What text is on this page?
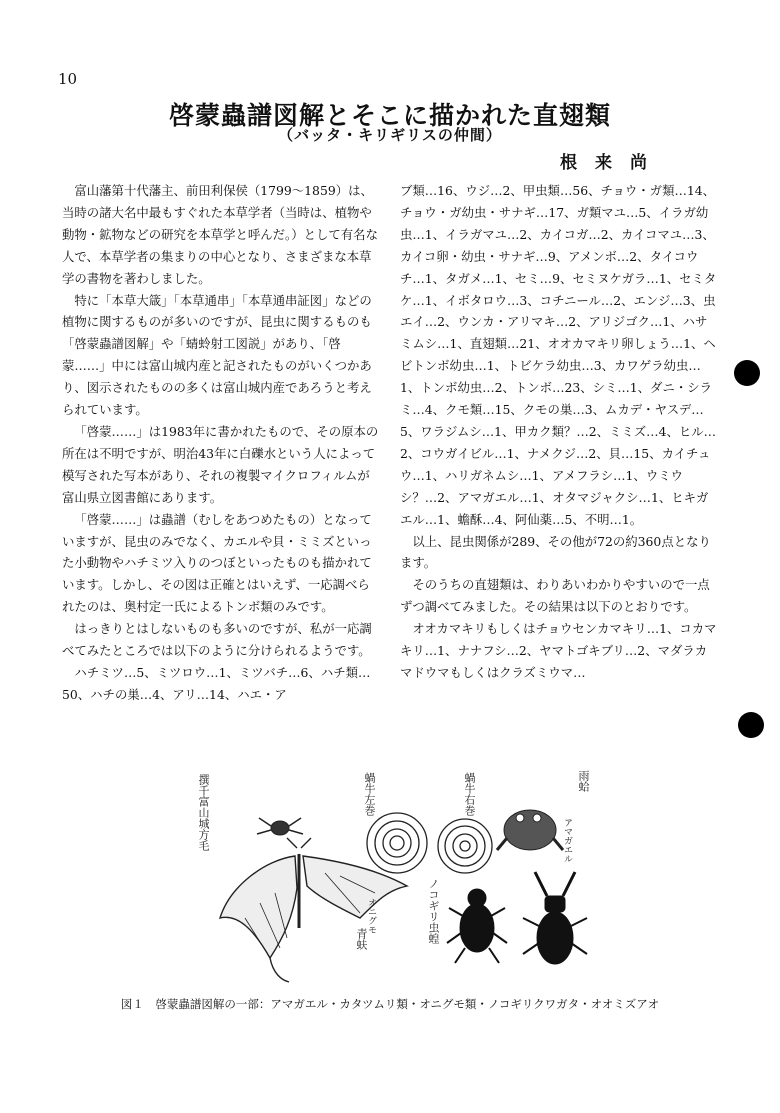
10
啓蒙蟲譜図解とそこに描かれた直翅類
（バッタ・キリギリスの仲間）
根来尚

富山藩第十代藩主、前田利保侯（1799～1859）は、当時の諸大名中最もすぐれた本草学者（当時は、植物や動物・鉱物などの研究を本草学と呼んだ。）として有名な人で、本草学者の集まりの中心となり、さまざまな本草学の書物を著わしました。

特に「本草大箴」「本草通串」「本草通串証図」などの植物に関するものが多いのですが、昆虫に関するものも「啓蒙蟲譜図解」や「蜻蛉射工図説」があり、「啓蒙……」中には富山城内産と記されたものがいくつかあり、図示されたものの多くは富山城内産であろうと考えられています。

「啓蒙……」は1983年に書かれたもので、その原本の所在は不明ですが、明治43年に白礫水という人によって模写された写本があり、それの複製マイクロフィルムが富山県立図書館にあります。

「啓蒙……」は蟲譜（むしをあつめたもの）となっていますが、昆虫のみでなく、カエルや貝・ミミズといった小動物やハチミツ入りのつぼといったものも描かれています。しかし、その図は正確とはいえず、一応調べられたのは、奥村定一氏によるトンボ類のみです。

はっきりとはしないものも多いのですが、私が一応調べてみたところでは以下のように分けられるようです。

ハチミツ…5、ミツロウ…1、ミツバチ…6、ハチ類…50、ハチの巣…4、アリ…14、ハエ・ア

ブ類…16、ウジ…2、甲虫類…56、チョウ・ガ類…14、チョウ・ガ幼虫・サナギ…17、ガ類マユ…5、イラガ幼虫…1、イラガマユ…2、カイコガ…2、カイコマユ…3、カイコ卵・幼虫・サナギ…9、アメンボ…2、タイコウチ…1、タガメ…1、セミ…9、セミヌケガラ…1、セミタケ…1、イボタロウ…3、コチニール…2、エンジ…3、虫エイ…2、ウンカ・アリマキ…2、アリジゴク…1、ハサミムシ…1、直翅類…21、オオカマキリ卵しょう…1、ヘビトンボ幼虫…1、トビケラ幼虫…3、カワゲラ幼虫…1、トンボ幼虫…2、トンボ…23、シミ…1、ダニ・シラミ…4、クモ類…15、クモの巣…3、ムカデ・ヤスデ…5、ワラジムシ…1、甲カク類？…2、ミミズ…4、ヒル…2、コウガイビル…1、ナメクジ…2、貝…15、カイチュウ…1、ハリガネムシ…1、アメフラシ…1、ウミウシ？…2、アマガエル…1、オタマジャクシ…1、ヒキガエル…1、蟾酥…4、阿仙薬…5、不明…1。

以上、昆虫関係が289、その他が72の約360点となります。

そのうちの直翅類は、わりあいわかりやすいので一点ずつ調べてみました。その結果は以下のとおりです。

オオカマキリもしくはチョウセンカマキリ…1、コカマキリ…1、ナナフシ…2、ヤマトゴキブリ…2、マダラカマドウマもしくはクラズミウマ…

撰千富山城方毛	蝸牛左巻	蝸牛右巻	雨蛤
アマガエル
ノコギリ虫蝗
オニグモ
青蚨
図１　啓蒙蟲譜図解の一部：アマガエル・カタツムリ類・オニグモ類・ノコギリクワガタ・オオミズアオ
